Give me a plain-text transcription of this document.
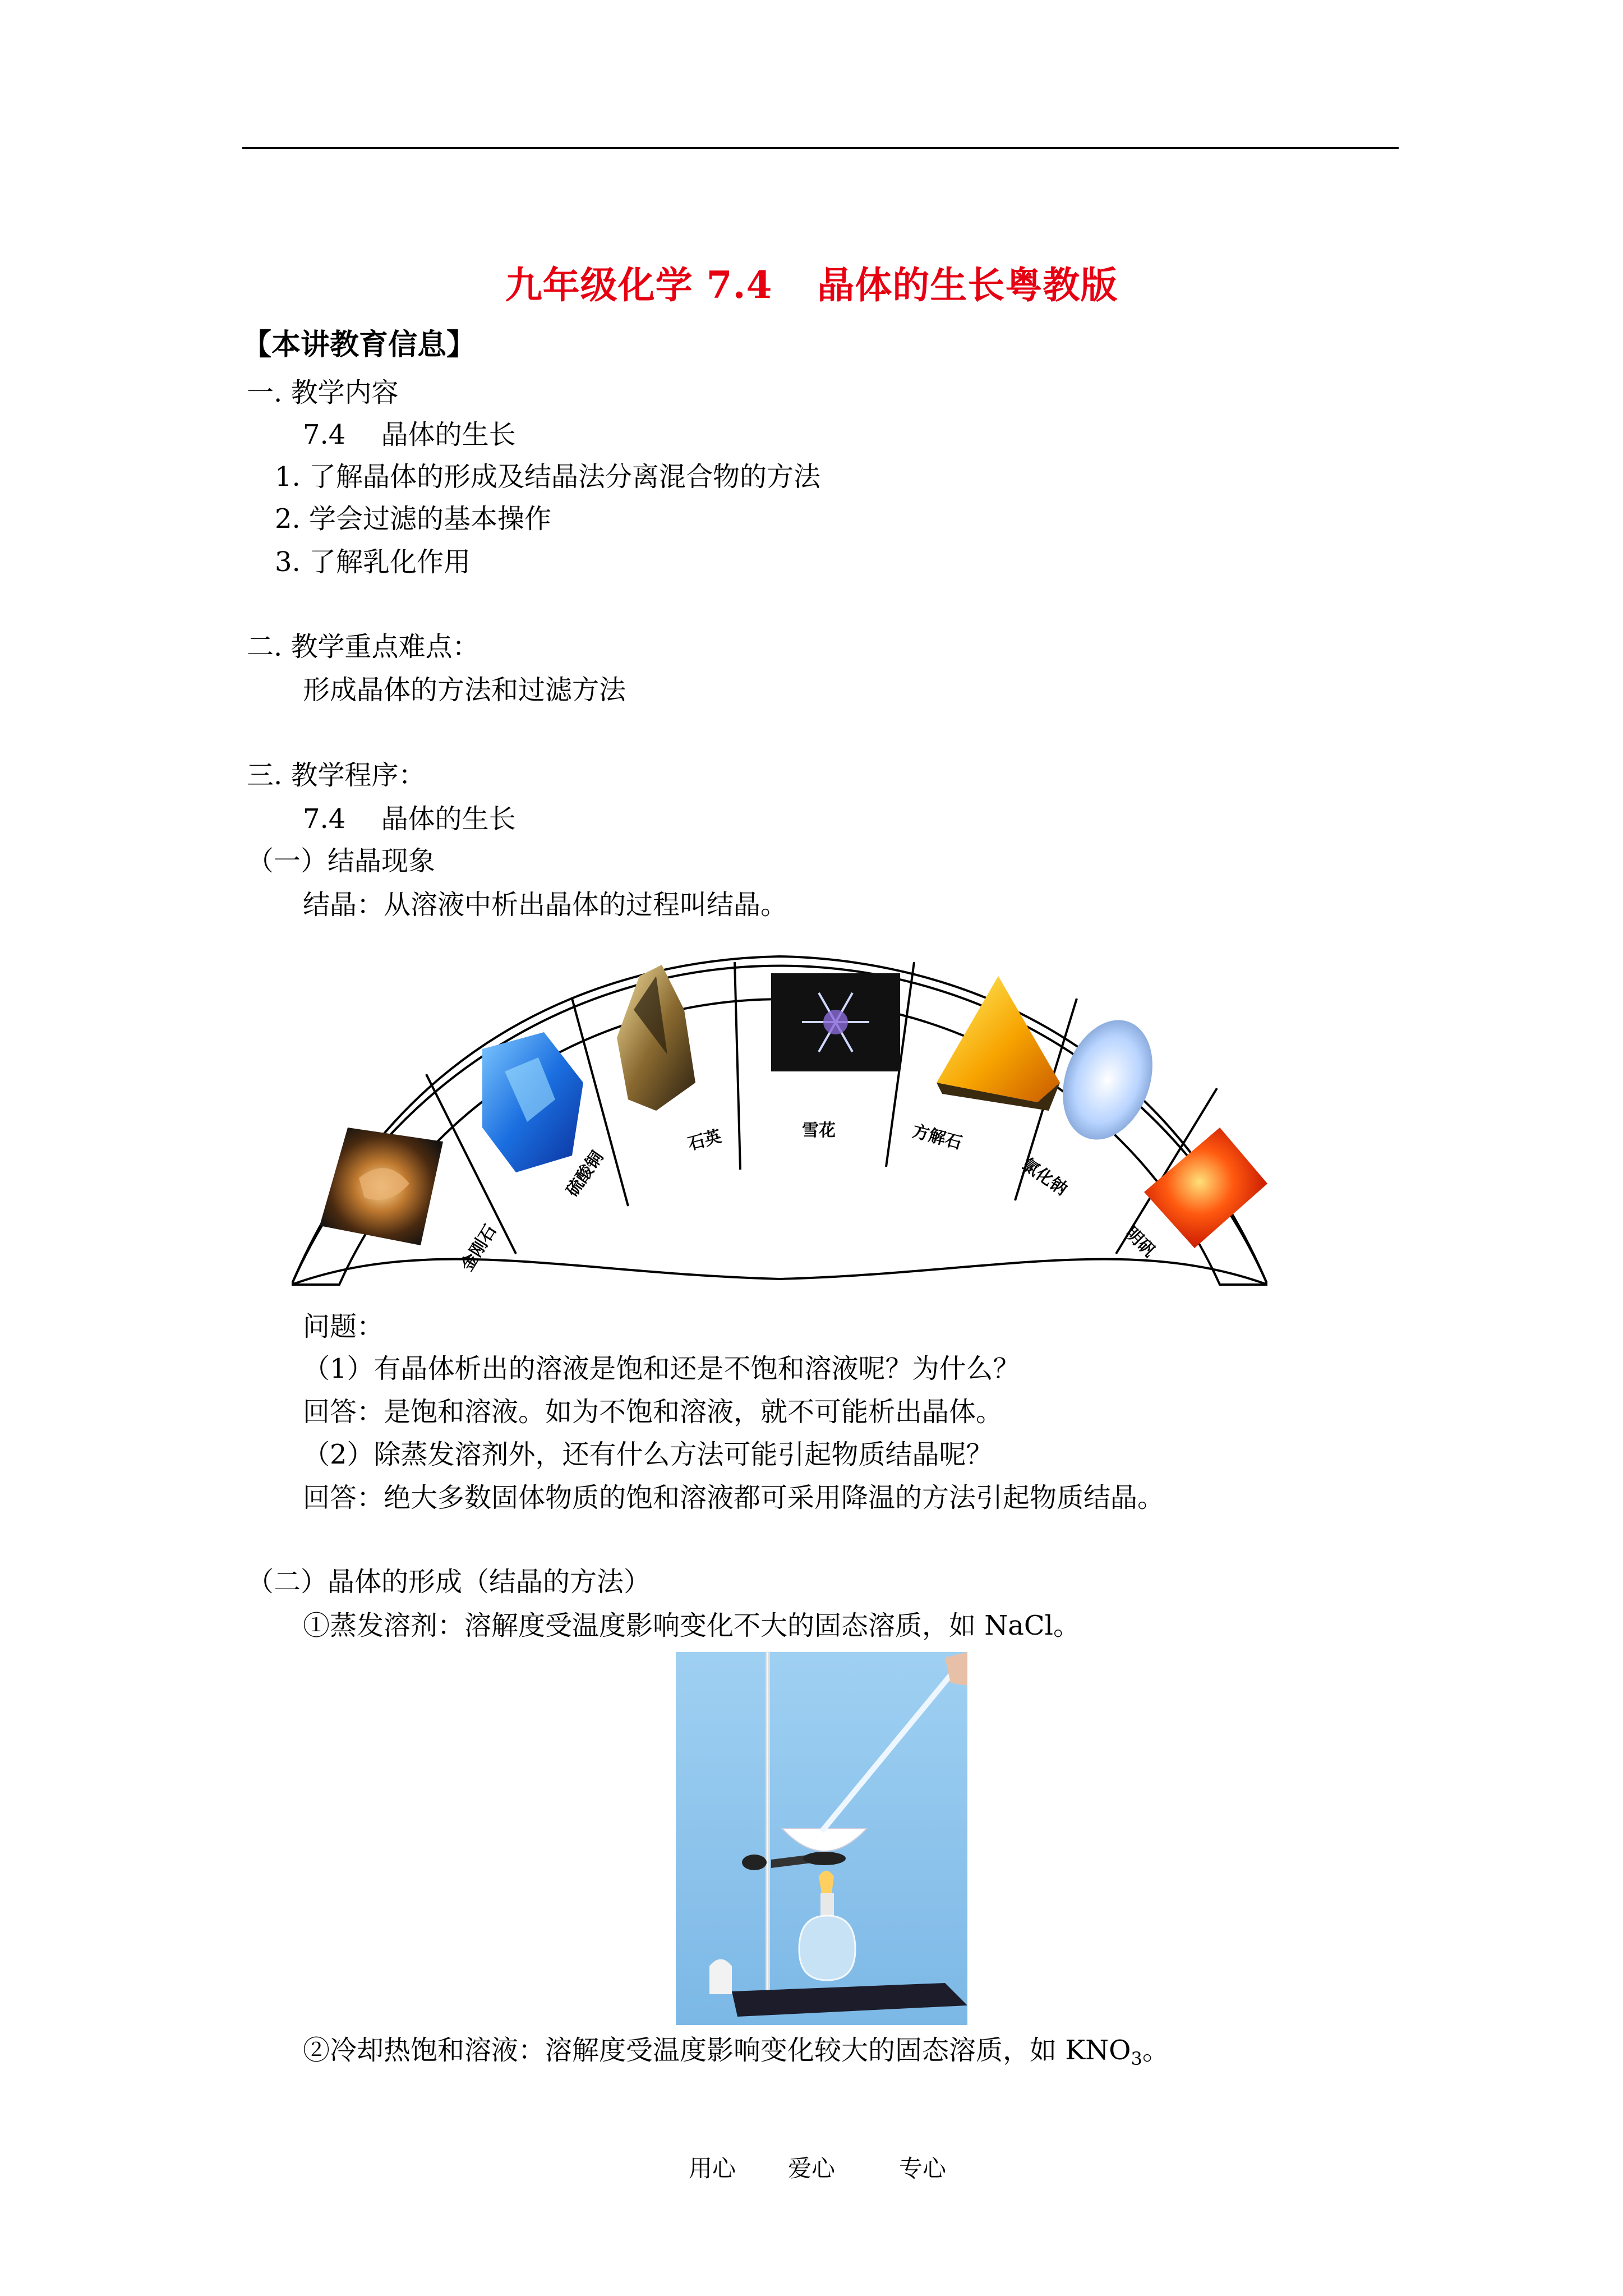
九年级化学 7.4 晶体的生长粤教版
【本讲教育信息】
一. 教学内容
7.4　 晶体的生长
1. 了解晶体的形成及结晶法分离混合物的方法
2. 学会过滤的基本操作
3. 了解乳化作用
二. 教学重点难点：
形成晶体的方法和过滤方法
三. 教学程序：
7.4　 晶体的生长
（一）结晶现象
结晶：从溶液中析出晶体的过程叫结晶。
金刚石
硫酸铜
石英	雪花	方解石
氯化钠
明矾
问题：
（1）有晶体析出的溶液是饱和还是不饱和溶液呢？为什么？
回答：是饱和溶液。如为不饱和溶液，就不可能析出晶体。
（2）除蒸发溶剂外，还有什么方法可能引起物质结晶呢？
回答：绝大多数固体物质的饱和溶液都可采用降温的方法引起物质结晶。
（二）晶体的形成（结晶的方法）
①蒸发溶剂：溶解度受温度影响变化不大的固态溶质，如 NaCl。
②冷却热饱和溶液：溶解度受温度影响变化较大的固态溶质，如 $KNO_3$。
用心 爱心	专心
